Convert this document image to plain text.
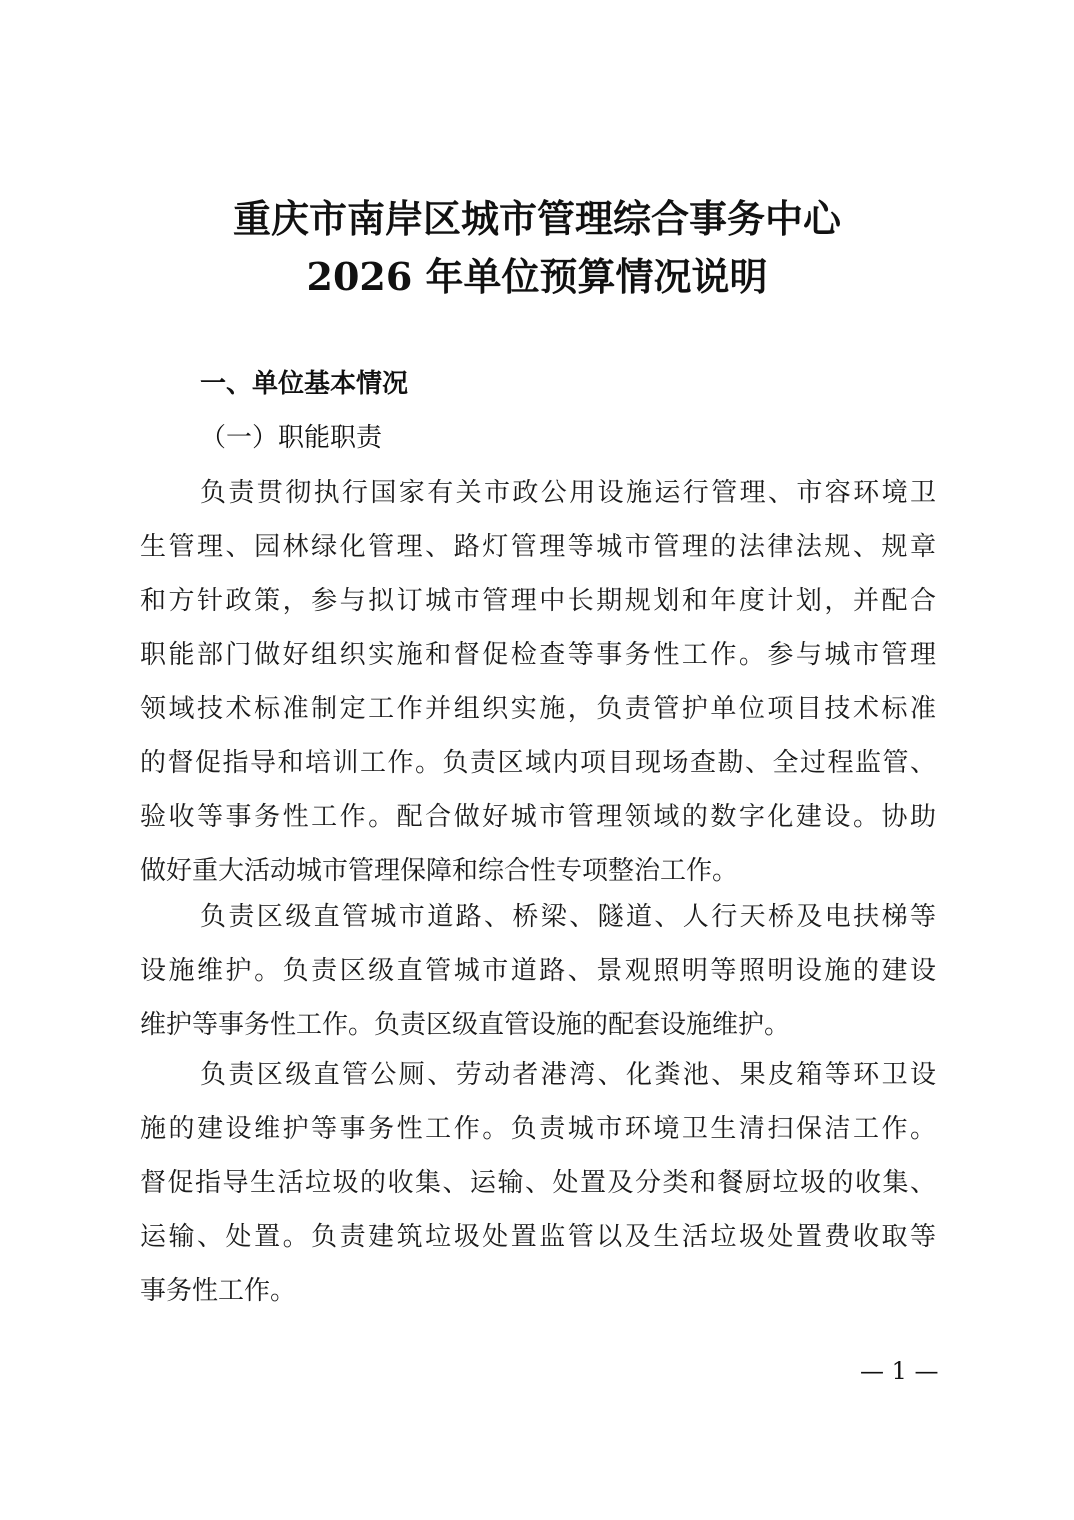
重庆市南岸区城市管理综合事务中心
2026 年单位预算情况说明
一、单位基本情况
（一）职能职责
负责贯彻执行国家有关市政公用设施运行管理、市容环境卫
生管理、园林绿化管理、路灯管理等城市管理的法律法规、规章
和方针政策，参与拟订城市管理中长期规划和年度计划，并配合
职能部门做好组织实施和督促检查等事务性工作。参与城市管理
领域技术标准制定工作并组织实施，负责管护单位项目技术标准
的督促指导和培训工作。负责区域内项目现场查勘、全过程监管、
验收等事务性工作。配合做好城市管理领域的数字化建设。协助
做好重大活动城市管理保障和综合性专项整治工作。
负责区级直管城市道路、桥梁、隧道、人行天桥及电扶梯等
设施维护。负责区级直管城市道路、景观照明等照明设施的建设
维护等事务性工作。负责区级直管设施的配套设施维护。
负责区级直管公厕、劳动者港湾、化粪池、果皮箱等环卫设
施的建设维护等事务性工作。负责城市环境卫生清扫保洁工作。
督促指导生活垃圾的收集、运输、处置及分类和餐厨垃圾的收集、
运输、处置。负责建筑垃圾处置监管以及生活垃圾处置费收取等
事务性工作。
— 1 —
